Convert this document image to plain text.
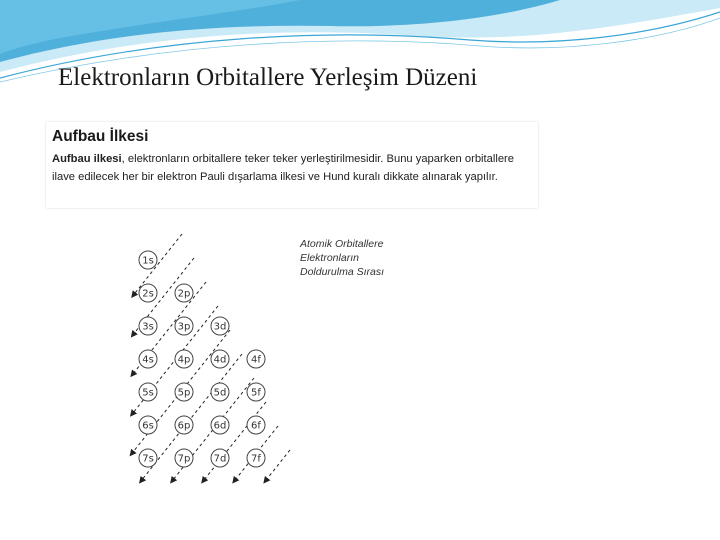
Elektronların Orbitallere Yerleşim Düzeni
Aufbau İlkesi
Aufbau ilkesi, elektronların orbitallere teker teker yerleştirilmesidir. Bunu yaparken orbitallere ilave edilecek her bir elektron Pauli dışarlama ilkesi ve Hund kuralı dikkate alınarak yapılır.
1s
2s 2p
3s 3p 3d
4s 4p 4d 4f
5s 5p 5d 5f
6s 6p 6d 6f
7s 7p 7d 7f
Atomik Orbitallere
Elektronların
Doldurulma Sırası
